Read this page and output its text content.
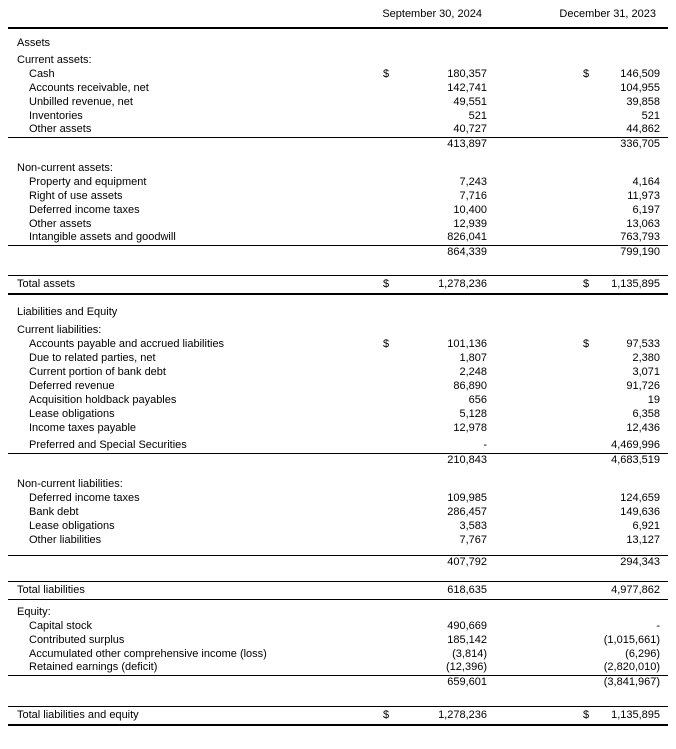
	September 30, 2024		December 31, 2023		

Assets					

Current assets:					
Cash	$	180,357		$	146,509
Accounts receivable, net		142,741			104,955
Unbilled revenue, net		49,551			39,858
Inventories		521			521
Other assets		40,727			44,862
		413,897			336,705

Non-current assets:					
Property and equipment		7,243			4,164
Right of use assets		7,716			11,973
Deferred income taxes		10,400			6,197
Other assets		12,939			13,063
Intangible assets and goodwill		826,041			763,793
		864,339			799,190

Total assets	$	1,278,236		$	1,135,895

Liabilities and Equity					

Current liabilities:					
Accounts payable and accrued liabilities	$	101,136		$	97,533
Due to related parties, net		1,807			2,380
Current portion of bank debt		2,248			3,071
Deferred revenue		86,890			91,726
Acquisition holdback payables		656			19
Lease obligations		5,128			6,358
Income taxes payable		12,978			12,436

Preferred and Special Securities		-			4,469,996
		210,843			4,683,519

Non-current liabilities:					
Deferred income taxes		109,985			124,659
Bank debt		286,457			149,636
Lease obligations		3,583			6,921
Other liabilities		7,767			13,127

		407,792			294,343

Total liabilities		618,635			4,977,862

Equity:					
Capital stock		490,669			-
Contributed surplus		185,142			(1,015,661)
Accumulated other comprehensive income (loss)		(3,814)			(6,296)
Retained earnings (deficit)		(12,396)			(2,820,010)
		659,601			(3,841,967)

Total liabilities and equity	$	1,278,236		$	1,135,895
